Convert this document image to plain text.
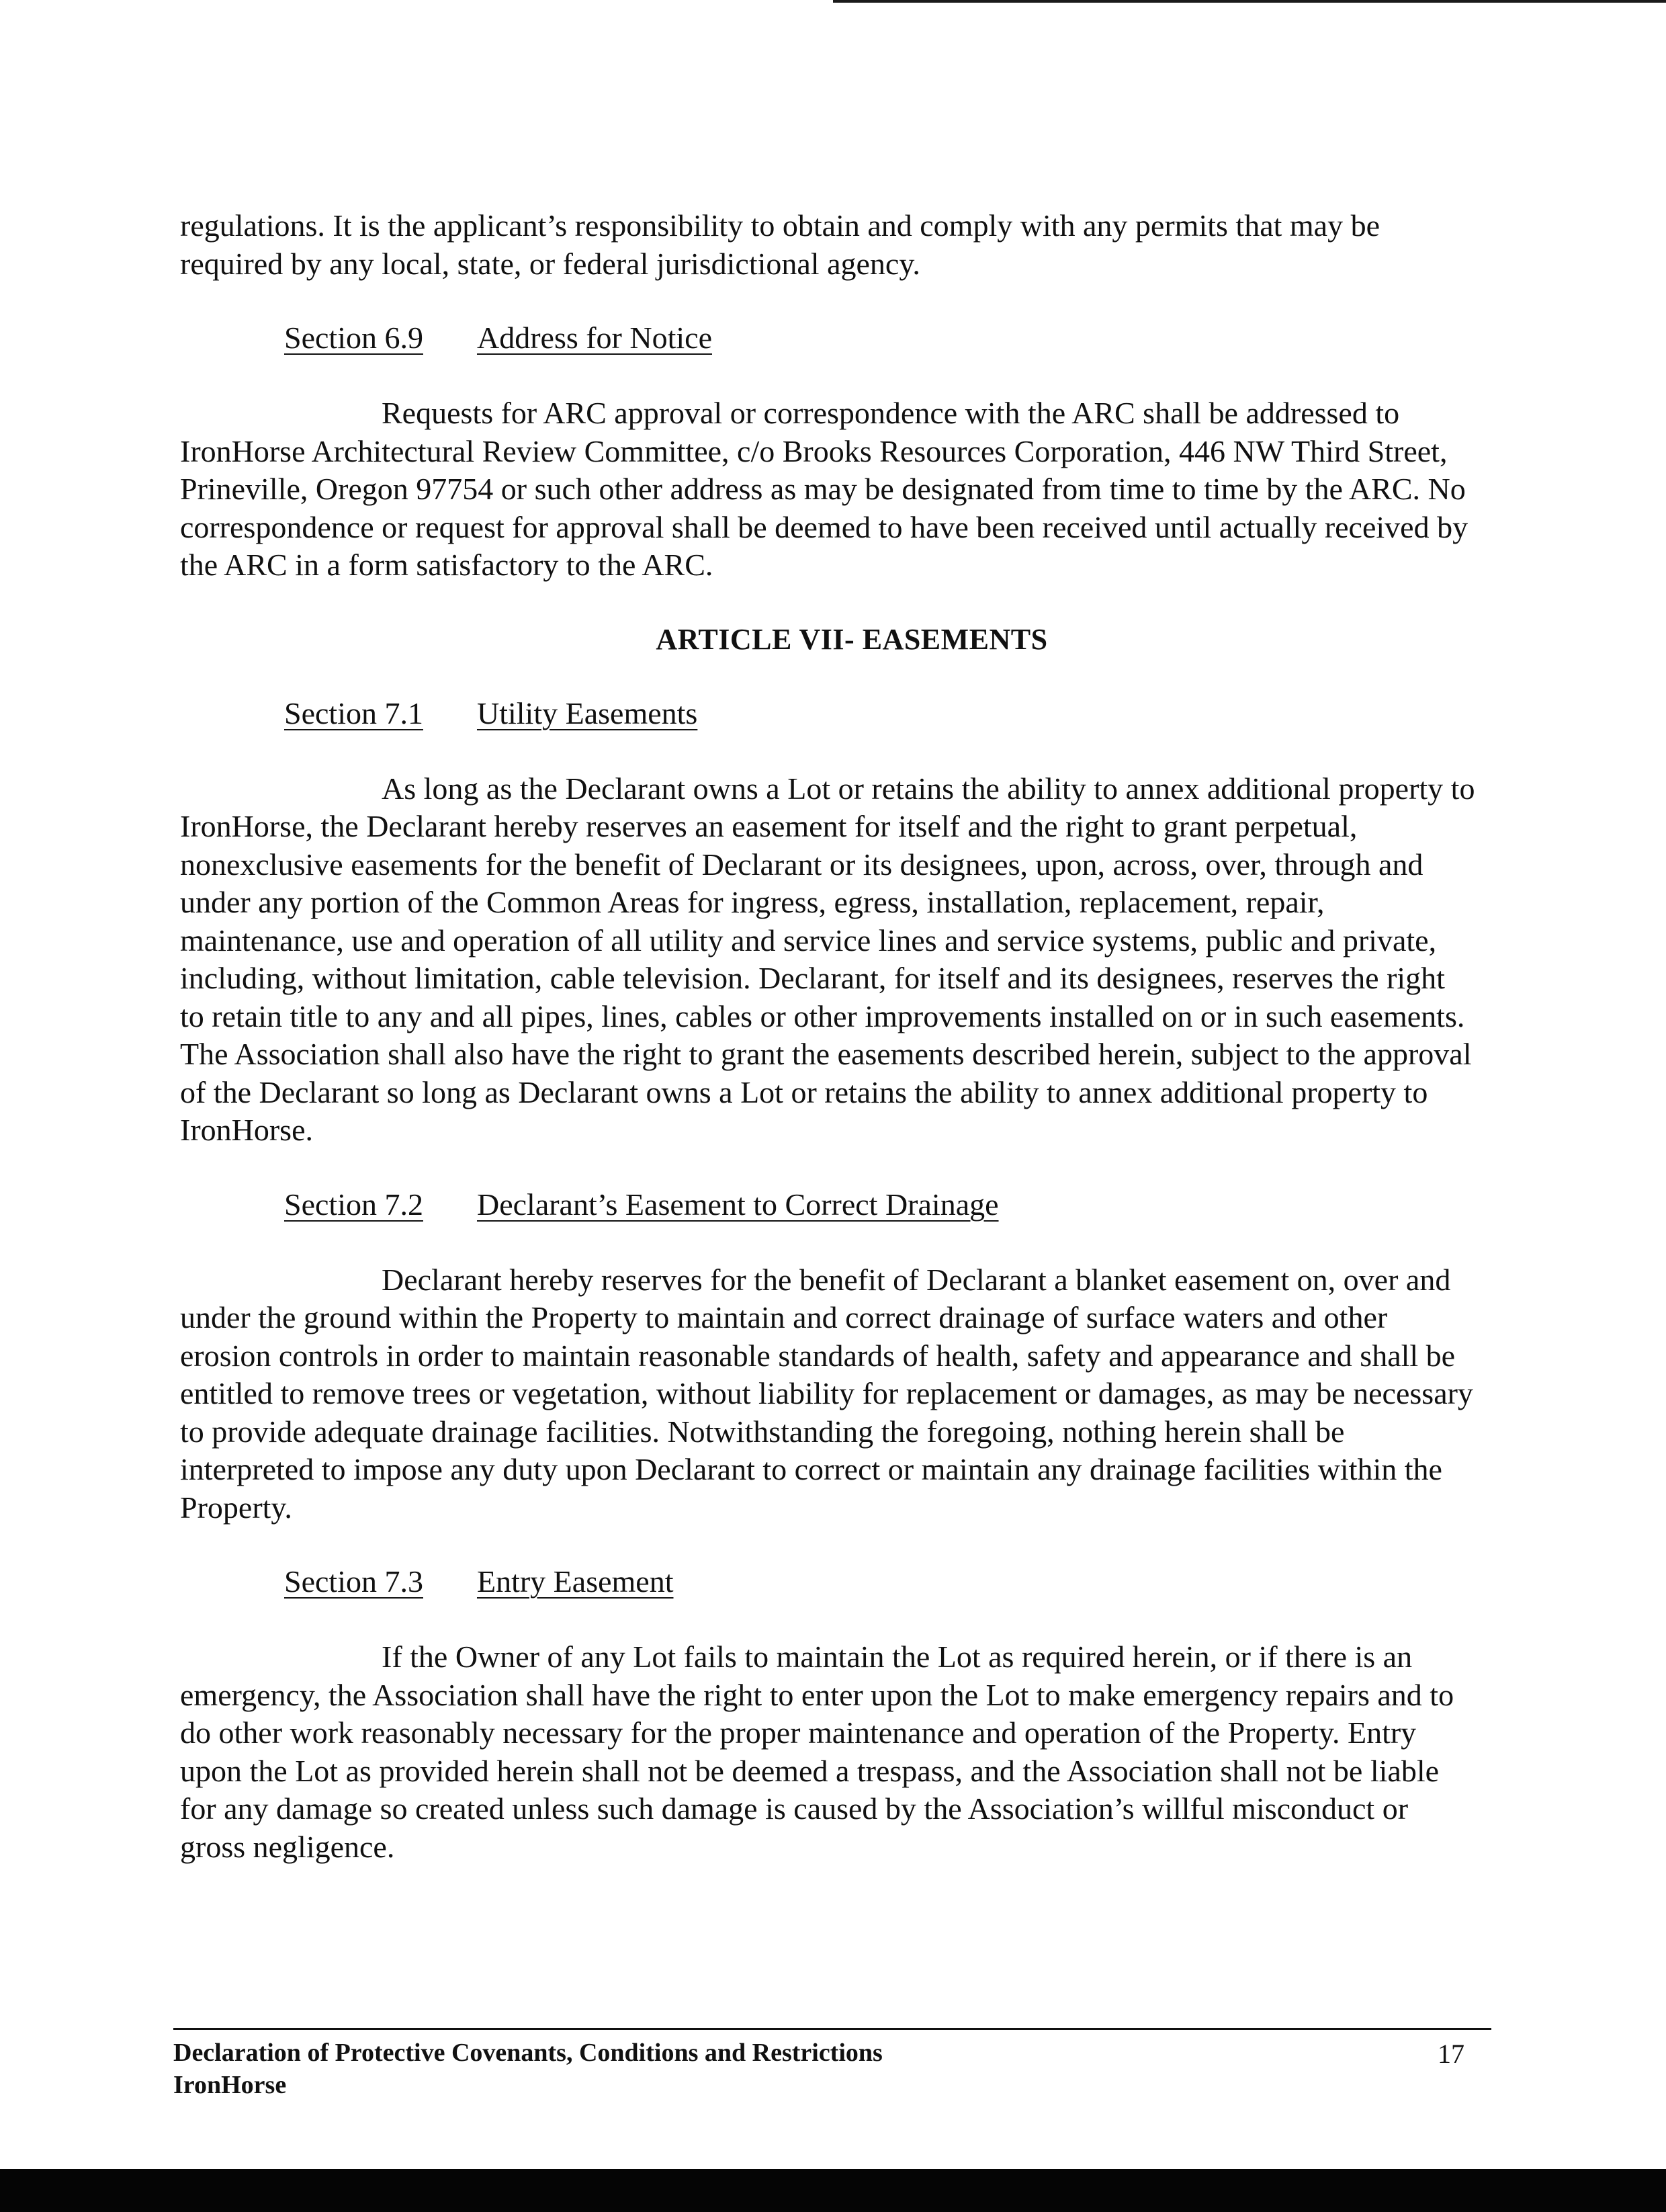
regulations. It is the applicant’s responsibility to obtain and comply with any permits that may be required by any local, state, or federal jurisdictional agency.

Section 6.9 Address for Notice

Requests for ARC approval or correspondence with the ARC shall be addressed to IronHorse Architectural Review Committee, c/o Brooks Resources Corporation, 446 NW Third Street, Prineville, Oregon 97754 or such other address as may be designated from time to time by the ARC. No correspondence or request for approval shall be deemed to have been received until actually received by the ARC in a form satisfactory to the ARC.

ARTICLE VII- EASEMENTS

Section 7.1 Utility Easements

As long as the Declarant owns a Lot or retains the ability to annex additional property to IronHorse, the Declarant hereby reserves an easement for itself and the right to grant perpetual, nonexclusive easements for the benefit of Declarant or its designees, upon, across, over, through and under any portion of the Common Areas for ingress, egress, installation, replacement, repair, maintenance, use and operation of all utility and service lines and service systems, public and private, including, without limitation, cable television. Declarant, for itself and its designees, reserves the right to retain title to any and all pipes, lines, cables or other improvements installed on or in such easements. The Association shall also have the right to grant the easements described herein, subject to the approval of the Declarant so long as Declarant owns a Lot or retains the ability to annex additional property to IronHorse.

Section 7.2 Declarant’s Easement to Correct Drainage

Declarant hereby reserves for the benefit of Declarant a blanket easement on, over and under the ground within the Property to maintain and correct drainage of surface waters and other erosion controls in order to maintain reasonable standards of health, safety and appearance and shall be entitled to remove trees or vegetation, without liability for replacement or damages, as may be necessary to provide adequate drainage facilities. Notwithstanding the foregoing, nothing herein shall be interpreted to impose any duty upon Declarant to correct or maintain any drainage facilities within the Property.

Section 7.3 Entry Easement

If the Owner of any Lot fails to maintain the Lot as required herein, or if there is an emergency, the Association shall have the right to enter upon the Lot to make emergency repairs and to do other work reasonably necessary for the proper maintenance and operation of the Property. Entry upon the Lot as provided herein shall not be deemed a trespass, and the Association shall not be liable for any damage so created unless such damage is caused by the Association’s willful misconduct or gross negligence.

Declaration of Protective Covenants, Conditions and Restrictions

IronHorse

17
